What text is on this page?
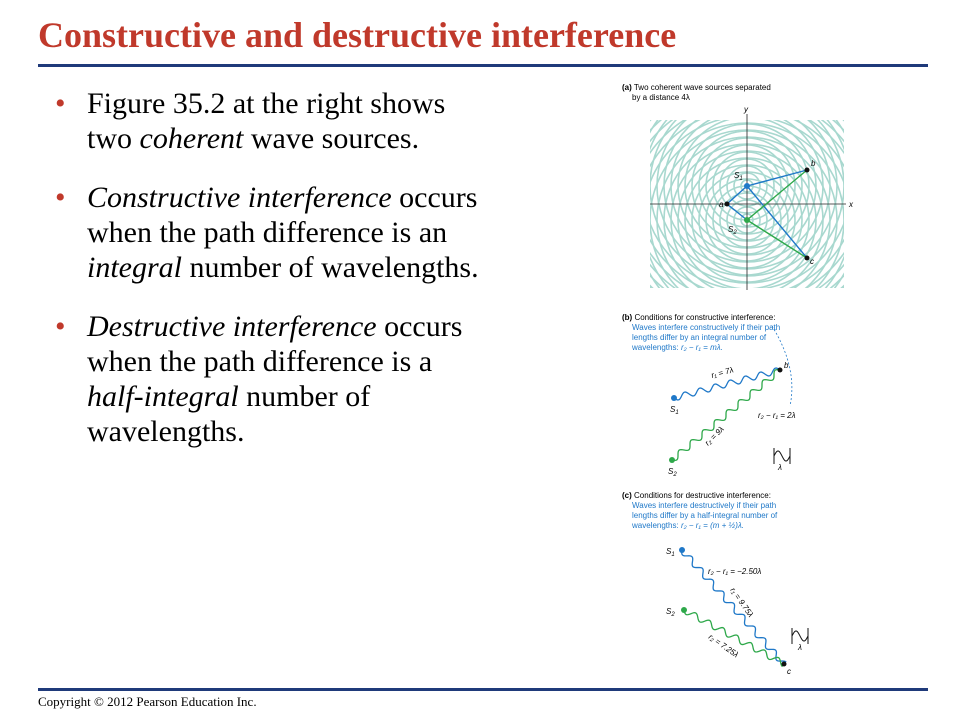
Constructive and destructive interference
• Figure 35.2 at the right shows two coherent wave sources.
• Constructive interference occurs when the path difference is an integral number of wavelengths.
• Destructive interference occurs when the path difference is a half-integral number of wavelengths.
(a) Two coherent wave sources separated
by a distance 4λ
x
y
$S_1$
$S_2$
a
b
c
(b) Conditions for constructive interference:
Waves interfere constructively if their path
lengths differ by an integral number of
wavelengths: r₂ − r₁ = mλ.
$S_1$
$S_2$
b
r₁ = 7λ
r₂ = 9λ
r₂ − r₁ = 2λ
λ
(c) Conditions for destructive interference:
Waves interfere destructively if their path
lengths differ by a half-integral number of
wavelengths: r₂ − r₁ = (m + ½)λ.
$S_1$
$S_2$
c
r₂ − r₁ = −2.50λ
r₁ = 9.75λ
r₂ = 7.25λ	λ
Copyright © 2012 Pearson Education Inc.
